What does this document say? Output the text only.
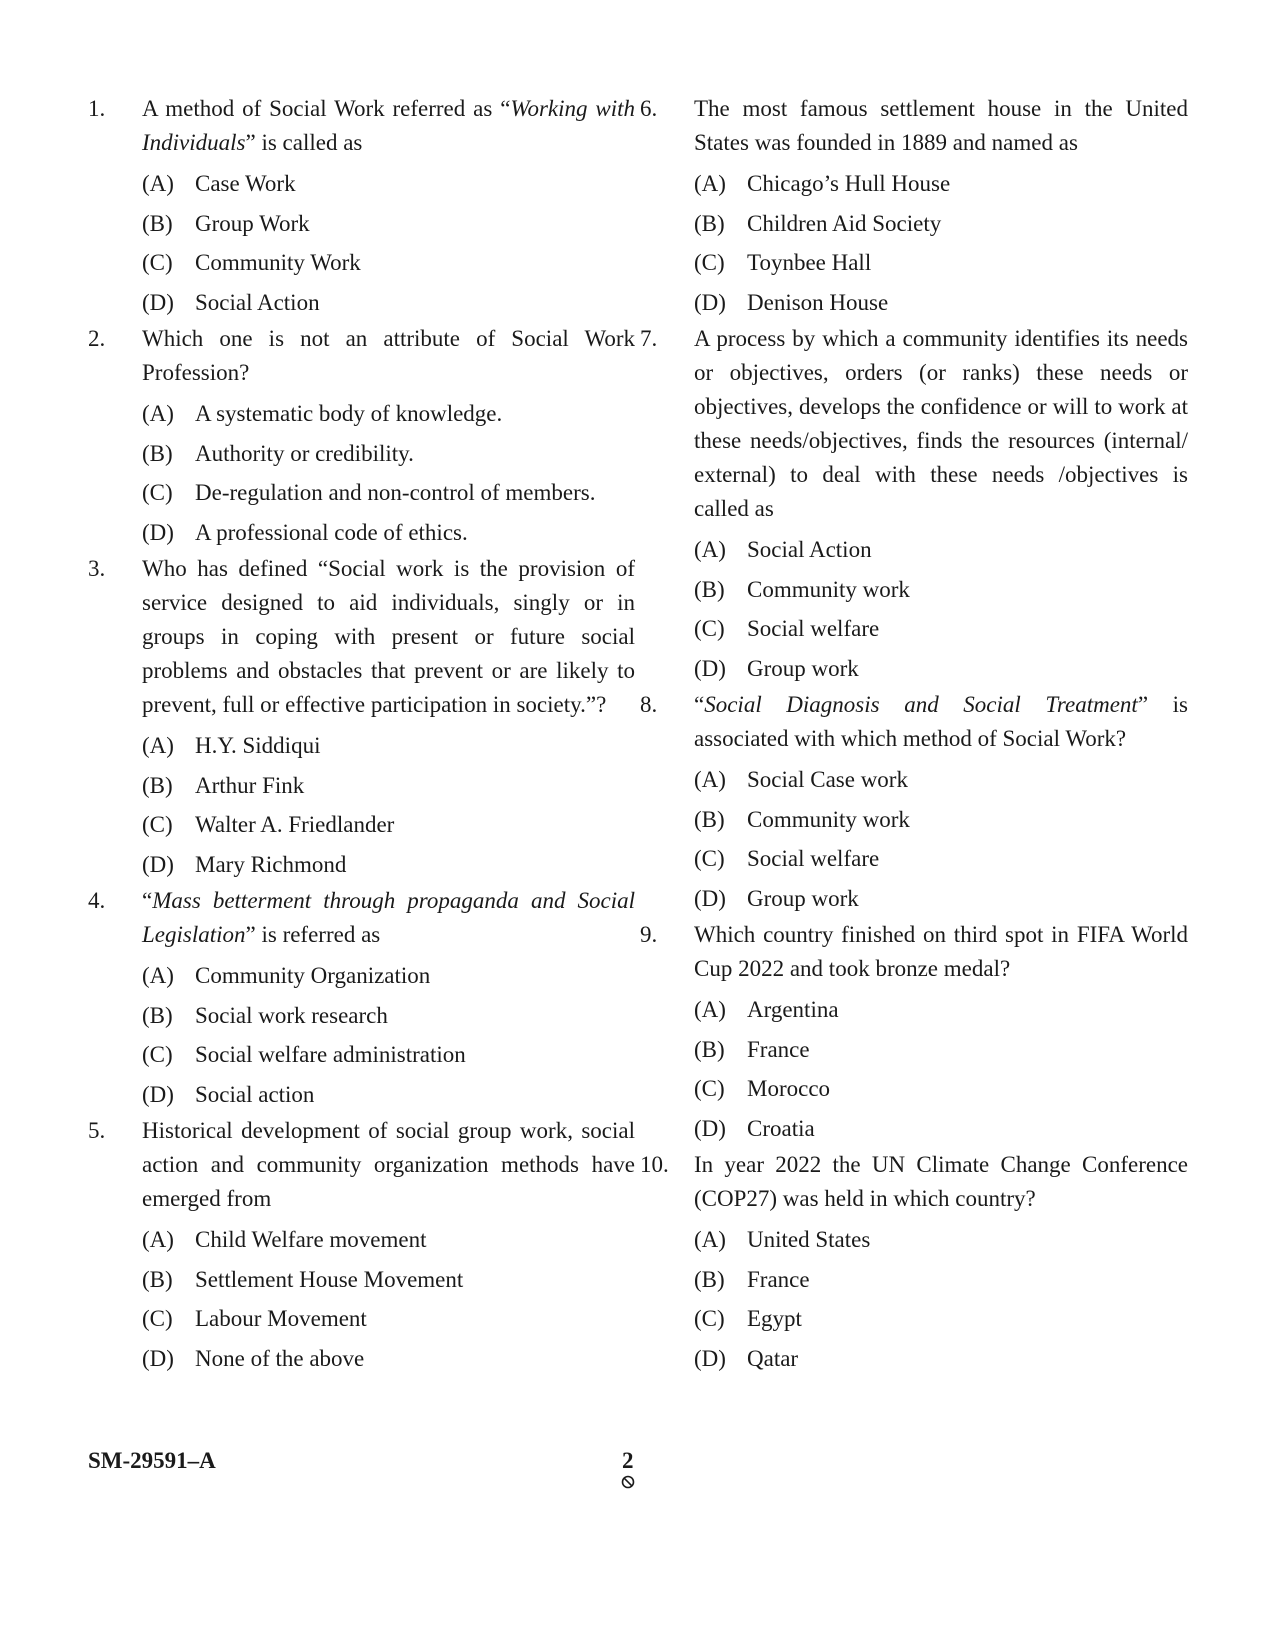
1.	A method of Social Work referred as “Working with Individuals” is called as
(A) Case Work
(B) Group Work
(C) Community Work
(D) Social Action
2.	Which one is not an attribute of Social Work Profession?
(A) A systematic body of knowledge.
(B) Authority or credibility.
(C) De-regulation and non-control of members.
(D) A professional code of ethics.
3.	Who has defined “Social work is the provision of service designed to aid individuals, singly or in groups in coping with present or future social problems and obstacles that prevent or are likely to prevent, full or effective participation in society.”?
(A) H.Y. Siddiqui
(B) Arthur Fink
(C) Walter A. Friedlander
(D) Mary Richmond
4.	“Mass betterment through propaganda and Social Legislation” is referred as
(A) Community Organization
(B) Social work research
(C) Social welfare administration
(D) Social action
5.	Historical development of social group work, social action and community organization methods have emerged from
(A) Child Welfare movement
(B) Settlement House Movement
(C) Labour Movement
(D) None of the above
6.	The most famous settlement house in the United States was founded in 1889 and named as
(A) Chicago’s Hull House
(B) Children Aid Society
(C) Toynbee Hall
(D) Denison House
7.	A process by which a community identifies its needs or objectives, orders (or ranks) these needs or objectives, develops the confidence or will to work at these needs/objectives, finds the resources (internal/ external) to deal with these needs /objectives is called as
(A) Social Action
(B) Community work
(C) Social welfare
(D) Group work
8.	“Social Diagnosis and Social Treatment” is associated with which method of Social Work?
(A) Social Case work
(B) Community work
(C) Social welfare
(D) Group work
9.	Which country finished on third spot in FIFA World Cup 2022 and took bronze medal?
(A) Argentina
(B) France
(C) Morocco
(D) Croatia
10.	In year 2022 the UN Climate Change Conference (COP27) was held in which country?
(A) United States
(B) France
(C) Egypt
(D) Qatar
SM-29591–A	2
